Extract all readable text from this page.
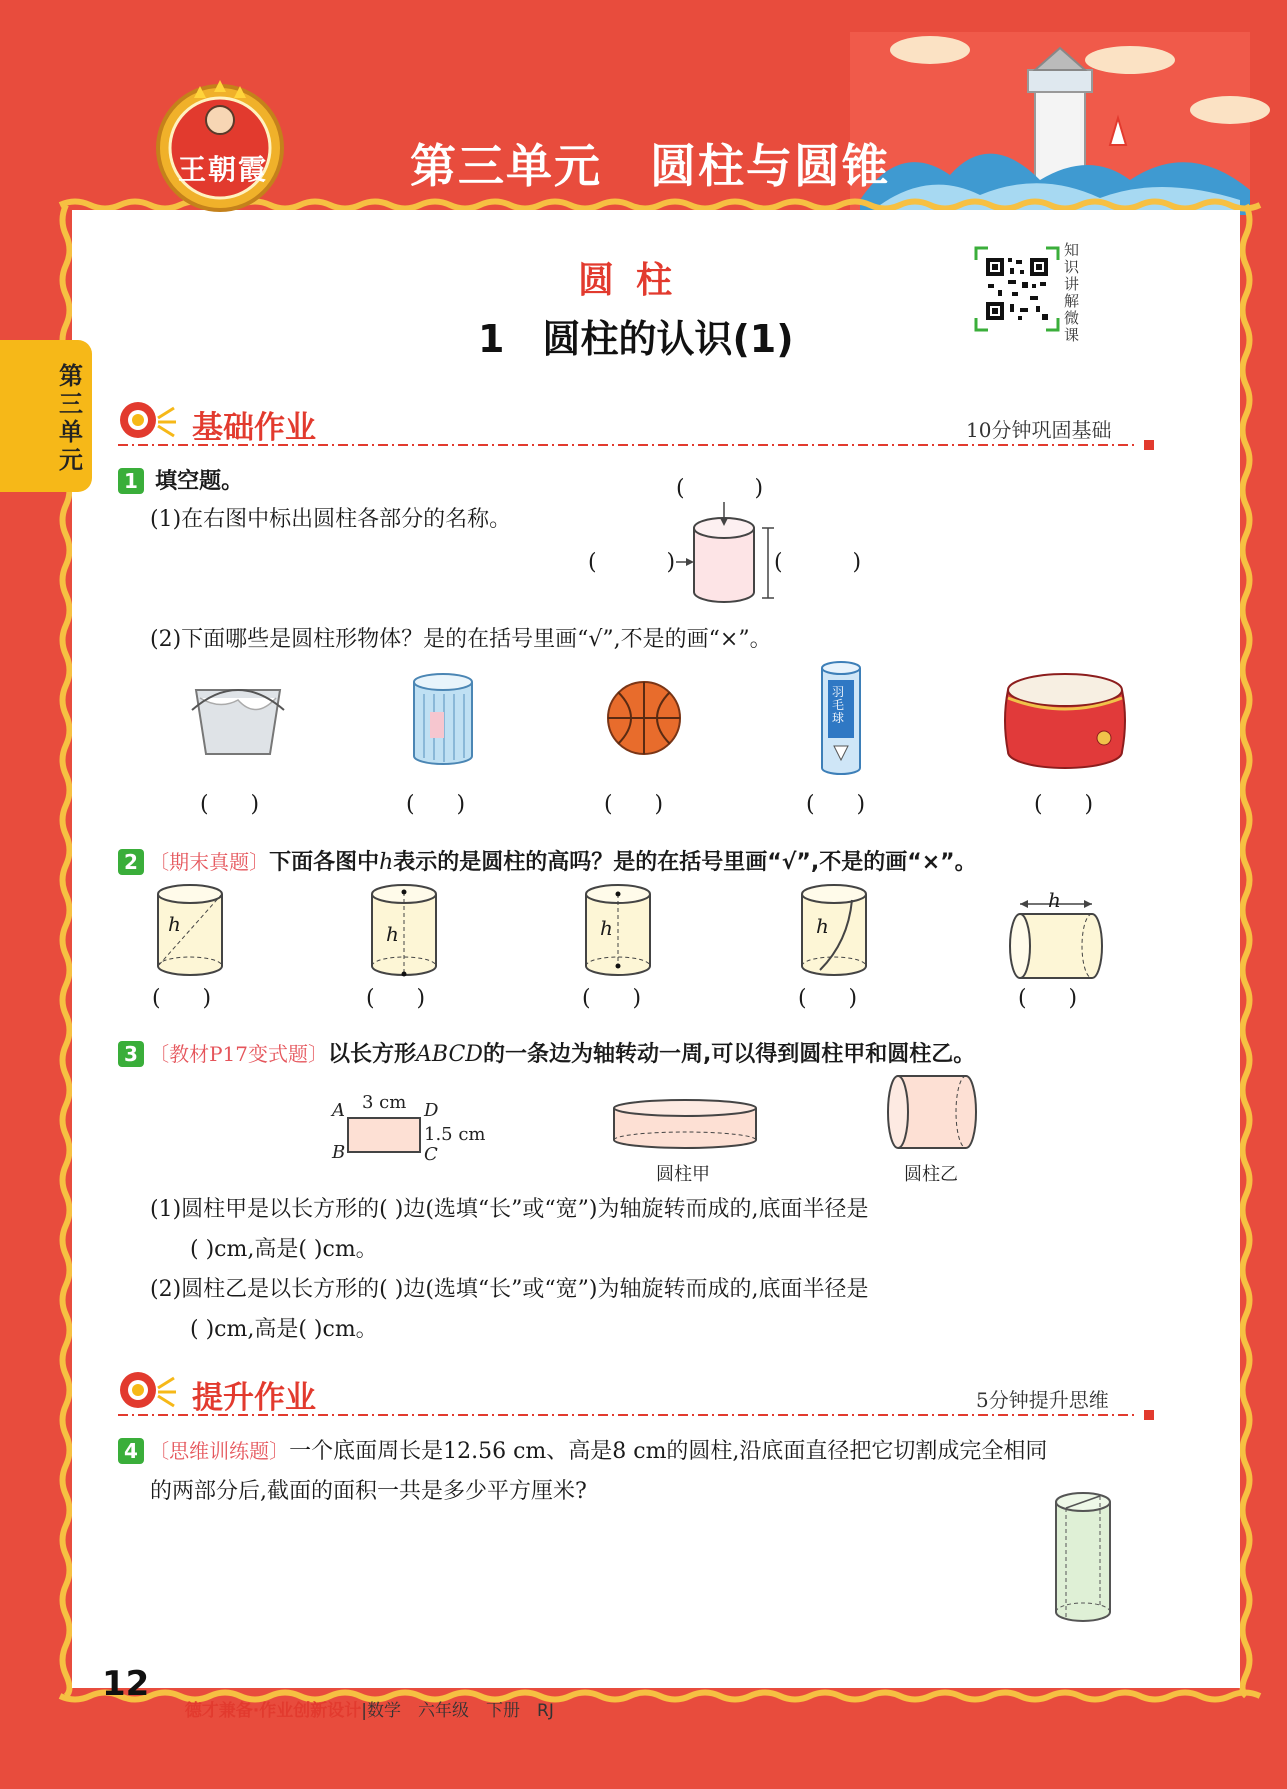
王朝霞	第三单元　圆柱与圆锥
第三单元
圆柱
1　圆柱的认识(1)
知识讲解微课
基础作业	10分钟巩固基础
1 填空题。
(1)在右图中标出圆柱各部分的名称。
(          )
(          )	(          )
(2)下面哪些是圆柱形物体？是的在括号里画“√”,不是的画“×”。
羽毛球
(      )	(      )	(      )	(      )	(      )
2 〔期末真题〕下面各图中h表示的是圆柱的高吗？是的在括号里画“√”,不是的画“×”。
h	h	h	h
h
(      )	(      )	(      )	(      )	(      )
3 〔教材P17变式题〕以长方形ABCD的一条边为轴转动一周,可以得到圆柱甲和圆柱乙。
A	D
B	C
3 cm
1.5 cm
圆柱甲	圆柱乙
(1)圆柱甲是以长方形的( )边(选填“长”或“宽”)为轴旋转而成的,底面半径是
( )cm,高是( )cm。
(2)圆柱乙是以长方形的( )边(选填“长”或“宽”)为轴旋转而成的,底面半径是
( )cm,高是( )cm。
提升作业	5分钟提升思维
4 〔思维训练题〕一个底面周长是12.56 cm、高是8 cm的圆柱,沿底面直径把它切割成完全相同
的两部分后,截面的面积一共是多少平方厘米?
12

德才兼备·作业创新设计|数学　六年级　下册　RJ
